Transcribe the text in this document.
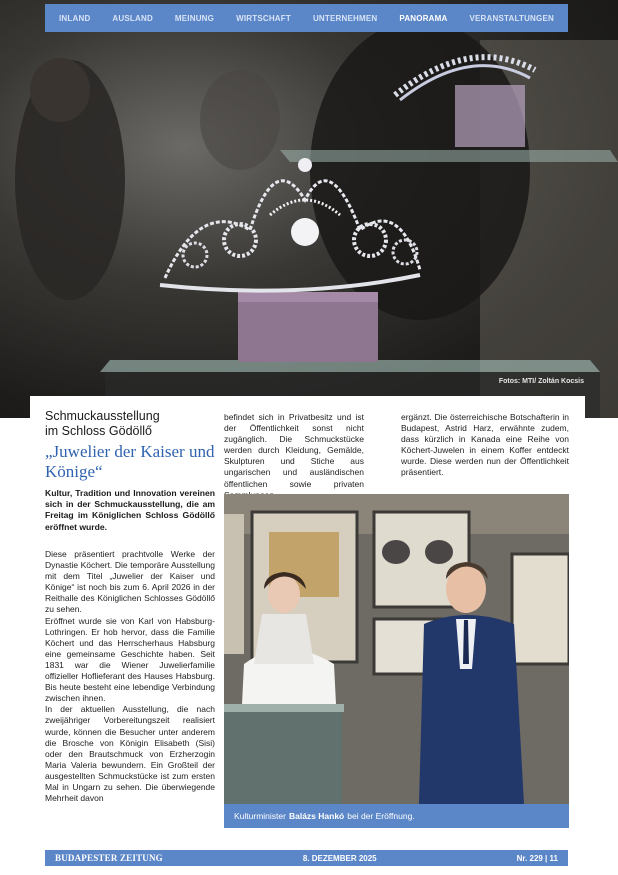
Fotos: MTI/ Zoltán Kocsis
INLAND	AUSLAND	MEINUNG	WIRTSCHAFT	UNTERNEHMEN	PANORAMA	VERANSTALTUNGEN
Schmuckausstellung
im Schloss Gödöllő
„Juwelier der Kaiser und Könige“
Kultur, Tradition und Innovation vereinen sich in der Schmuckausstellung, die am Freitag im Königlichen Schloss Gödöllő eröffnet wurde.

Diese präsentiert prachtvolle Werke der Dynastie Köchert. Die temporäre Ausstellung mit dem Titel „Juwelier der Kaiser und Könige“ ist noch bis zum 6. April 2026 in der Reithalle des Königlichen Schlosses Gödöllő zu sehen.

Eröffnet wurde sie von Karl von Habsburg-Lothringen. Er hob hervor, dass die Familie Köchert und das Herrscherhaus Habsburg eine gemeinsame Geschichte haben. Seit 1831 war die Wiener Juwelierfamilie offizieller Hoflieferant des Hauses Habsburg. Bis heute besteht eine lebendige Verbindung zwischen ihnen.

In der aktuellen Ausstellung, die nach zweijähriger Vorbereitungszeit realisiert wurde, können die Besucher unter anderem die Brosche von Königin Elisabeth (Sisi) oder den Brautschmuck von Erzherzogin Maria Valeria bewundern. Ein Großteil der ausgestellten Schmuckstücke ist zum ersten Mal in Ungarn zu sehen. Die überwiegende Mehrheit davon

befindet sich in Privatbesitz und ist der Öffentlichkeit sonst nicht zugänglich. Die Schmuckstücke werden durch Kleidung, Gemälde, Skulpturen und Stiche aus ungarischen und ausländischen öffentlichen sowie privaten

ergänzt. Die österreichische Botschafterin in Budapest, Astrid Harz, erwähnte zudem, dass kürzlich in Kanada eine Reihe von Köchert-Juwelen in einem Koffer entdeckt wurde. Diese werden nun der Öffentlichkeit präsentiert.

Kulturminister Balázs Hankó bei der Eröffnung.
BUDAPESTER ZEITUNG	8. DEZEMBER 2025	Nr. 229 | 11
